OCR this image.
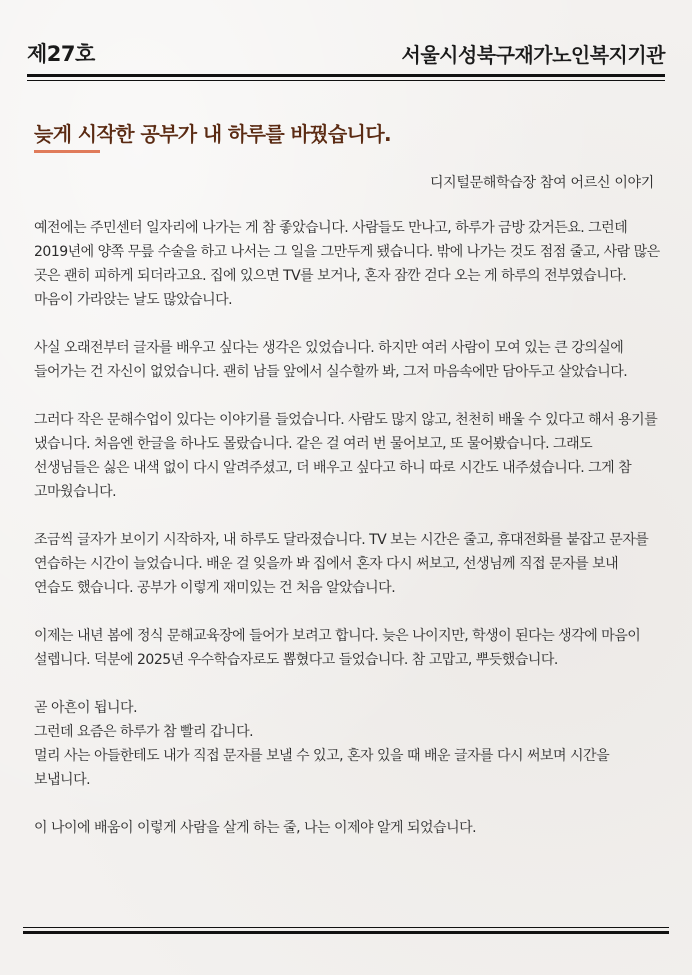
제27호	서울시성북구재가노인복지기관
늦게 시작한 공부가 내 하루를 바꿨습니다.
디지털문해학습장 참여 어르신 이야기

예전에는 주민센터 일자리에 나가는 게 참 좋았습니다. 사람들도 만나고, 하루가 금방 갔거든요. 그런데 2019년에 양쪽 무릎 수술을 하고 나서는 그 일을 그만두게 됐습니다. 밖에 나가는 것도 점점 줄고, 사람 많은 곳은 괜히 피하게 되더라고요. 집에 있으면 TV를 보거나, 혼자 잠깐 걷다 오는 게 하루의 전부였습니다. 마음이 가라앉는 날도 많았습니다.

사실 오래전부터 글자를 배우고 싶다는 생각은 있었습니다. 하지만 여러 사람이 모여 있는 큰 강의실에 들어가는 건 자신이 없었습니다. 괜히 남들 앞에서 실수할까 봐, 그저 마음속에만 담아두고 살았습니다.

그러다 작은 문해수업이 있다는 이야기를 들었습니다. 사람도 많지 않고, 천천히 배울 수 있다고 해서 용기를 냈습니다. 처음엔 한글을 하나도 몰랐습니다. 같은 걸 여러 번 물어보고, 또 물어봤습니다. 그래도 선생님들은 싫은 내색 없이 다시 알려주셨고, 더 배우고 싶다고 하니 따로 시간도 내주셨습니다. 그게 참 고마웠습니다.

조금씩 글자가 보이기 시작하자, 내 하루도 달라졌습니다. TV 보는 시간은 줄고, 휴대전화를 붙잡고 문자를 연습하는 시간이 늘었습니다. 배운 걸 잊을까 봐 집에서 혼자 다시 써보고, 선생님께 직접 문자를 보내 연습도 했습니다. 공부가 이렇게 재미있는 건 처음 알았습니다.

이제는 내년 봄에 정식 문해교육장에 들어가 보려고 합니다. 늦은 나이지만, 학생이 된다는 생각에 마음이 설렙니다. 덕분에 2025년 우수학습자로도 뽑혔다고 들었습니다. 참 고맙고, 뿌듯했습니다.

곧 아흔이 됩니다.
그런데 요즘은 하루가 참 빨리 갑니다.
멀리 사는 아들한테도 내가 직접 문자를 보낼 수 있고, 혼자 있을 때 배운 글자를 다시 써보며 시간을 보냅니다.

이 나이에 배움이 이렇게 사람을 살게 하는 줄, 나는 이제야 알게 되었습니다.
